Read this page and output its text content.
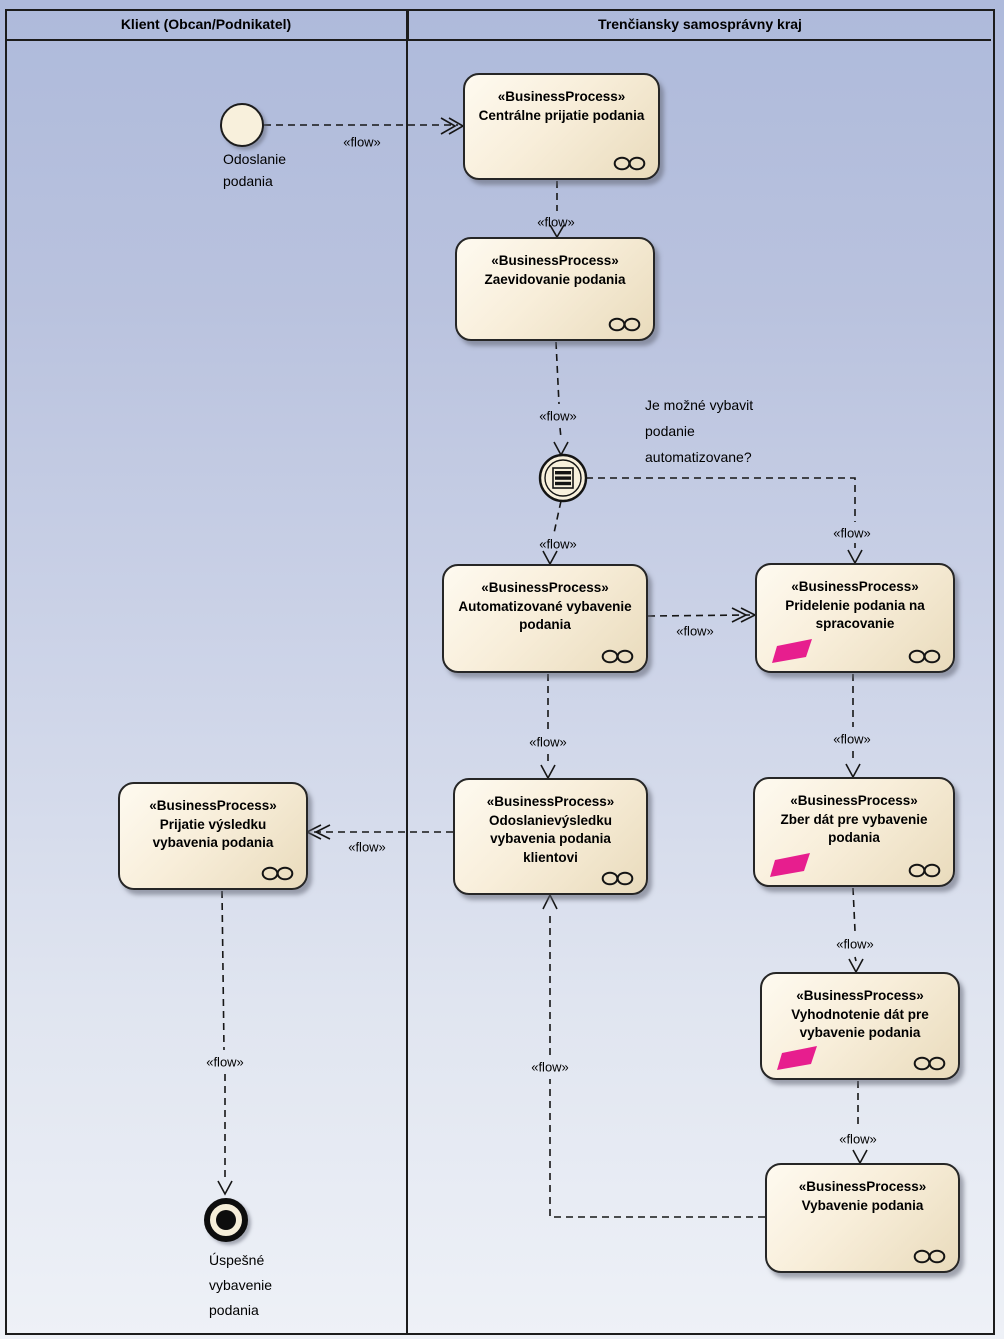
Klient (Obcan/Podnikatel)	Trenčiansky samosprávny kraj
Odoslanie podania
Je možné vybavit podanie automatizovane?
«BusinessProcess»
Centrálne prijatie podania
«BusinessProcess»
Zaevidovanie podania
«BusinessProcess»
Automatizované vybavenie podania
«BusinessProcess»
Pridelenie podania na spracovanie
«BusinessProcess»
Prijatie výsledku vybavenia podania
«BusinessProcess»
Odoslanievýsledku vybavenia podania klientovi
«BusinessProcess»
Zber dát pre vybavenie podania
«BusinessProcess»
Vyhodnotenie dát pre vybavenie podania
«BusinessProcess»
Vybavenie podania
Úspešné vybavenie podania
«flow»
«flow»
«flow»
«flow»
«flow»
«flow»
«flow»	«flow»
«flow»
«flow»
«flow»
«flow»
«flow»
